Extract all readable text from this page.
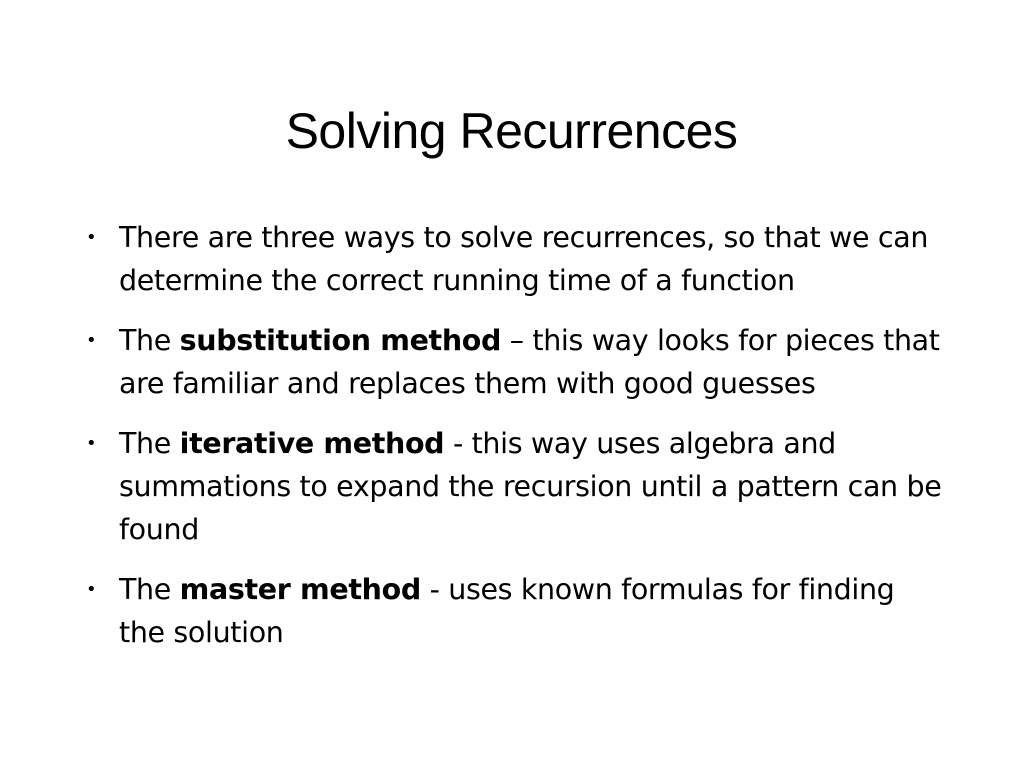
Solving Recurrences
• There are three ways to solve recurrences, so that we can determine the correct running time of a function
• The substitution method – this way looks for pieces that are familiar and replaces them with good guesses
• The iterative method - this way uses algebra and summations to expand the recursion until a pattern can be found
• The master method - uses known formulas for finding the solution
